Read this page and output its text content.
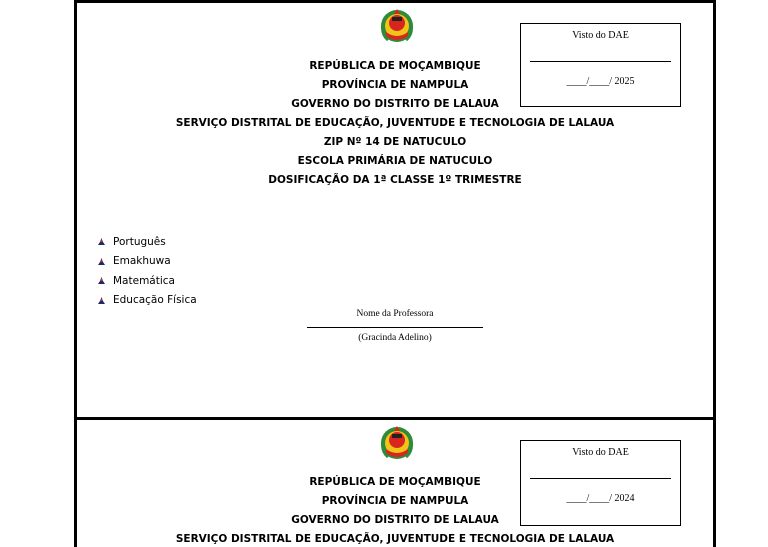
Visto do DAE
____/____/ 2025
REPÚBLICA DE MOÇAMBIQUE
PROVÍNCIA DE NAMPULA
GOVERNO DO DISTRITO DE LALAUA
SERVIÇO DISTRITAL DE EDUCAÇÃO, JUVENTUDE E TECNOLOGIA DE LALAUA
ZIP Nº 14 DE NATUCULO
ESCOLA PRIMÁRIA DE NATUCULO
DOSIFICAÇÃO DA 1ª CLASSE 1º TRIMESTRE
Português
Emakhuwa
Matemática
Educação Física
Nome da Professora
(Gracinda Adelino)
Visto do DAE
____/____/ 2024
REPÚBLICA DE MOÇAMBIQUE
PROVÍNCIA DE NAMPULA
GOVERNO DO DISTRITO DE LALAUA
SERVIÇO DISTRITAL DE EDUCAÇÃO, JUVENTUDE E TECNOLOGIA DE LALAUA
